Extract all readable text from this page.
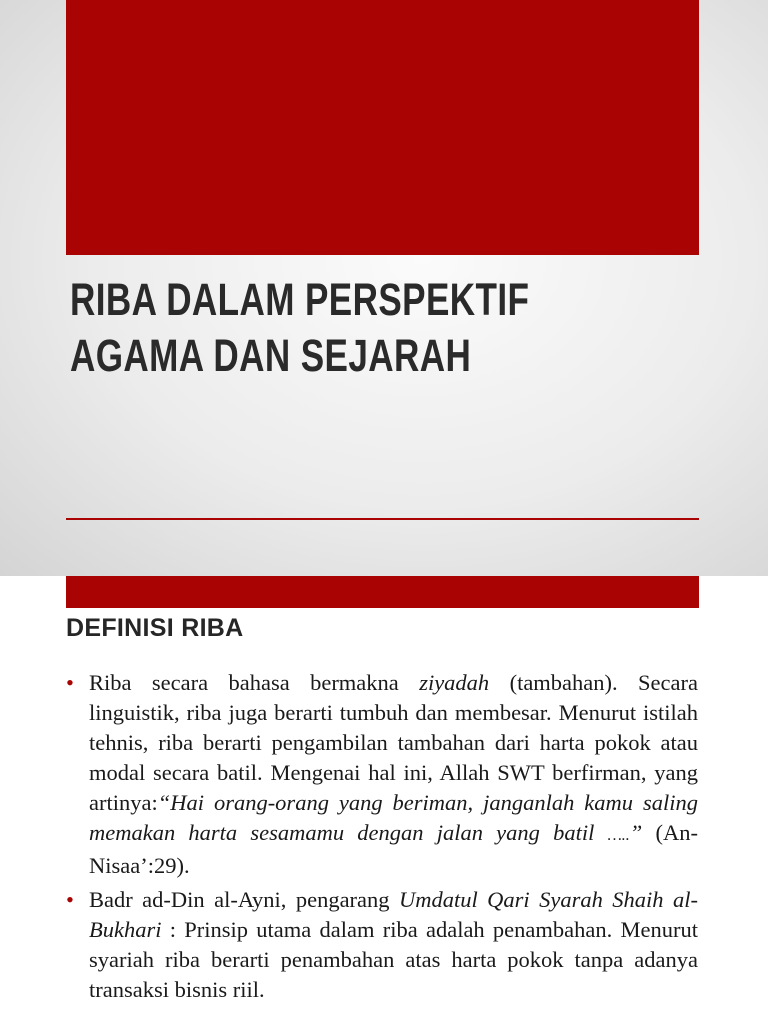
RIBA DALAM PERSPEKTIF
AGAMA DAN SEJARAH
DEFINISI RIBA
• Riba secara bahasa bermakna ziyadah (tambahan). Secara linguistik, riba juga berarti tumbuh dan membesar. Menurut istilah tehnis, riba berarti pengambilan tambahan dari harta pokok atau modal secara batil. Mengenai hal ini, Allah SWT berfirman, yang artinya:“Hai orang-orang yang beriman, janganlah kamu saling memakan harta sesamamu dengan jalan yang batil …..” (An-Nisaa’:29).
• Badr ad-Din al-Ayni, pengarang Umdatul Qari Syarah Shaih al-Bukhari : Prinsip utama dalam riba adalah penambahan. Menurut syariah riba berarti penambahan atas harta pokok tanpa adanya transaksi bisnis riil.
